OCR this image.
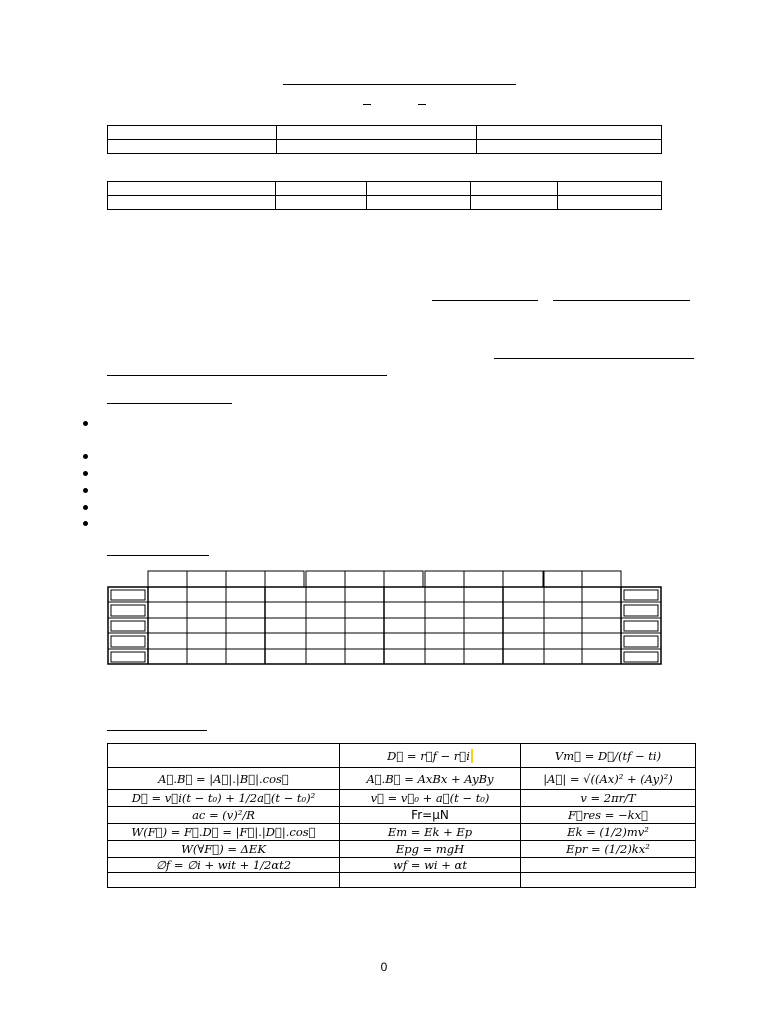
	D⃗ = r⃗f − r⃗i	Vm⃗ = D⃗/(tf − ti)
A⃗.B⃗ = |A⃗|.|B⃗|.cos∅	A⃗.B⃗ = AxBx + AyBy	|A⃗| = √((Ax)² + (Ay)²)
D⃗ = v⃗i(t − t₀) + 1/2a⃗(t − t₀)²	v⃗ = v⃗₀ + a⃗(t − t₀)	v = 2πr/T
ac = (v)²/R	Fr=μN	F⃗res = −kx⃗
W(F⃗) = F⃗.D⃗ = |F⃗|.|D⃗|.cos∅	Em = Ek + Ep	Ek = (1/2)mv²
W(∀F⃗) = ΔEK	Epg = mgH	Epr = (1/2)kx²
∅f = ∅i + wit + 1/2αt2	wf = wi + αt	

0
